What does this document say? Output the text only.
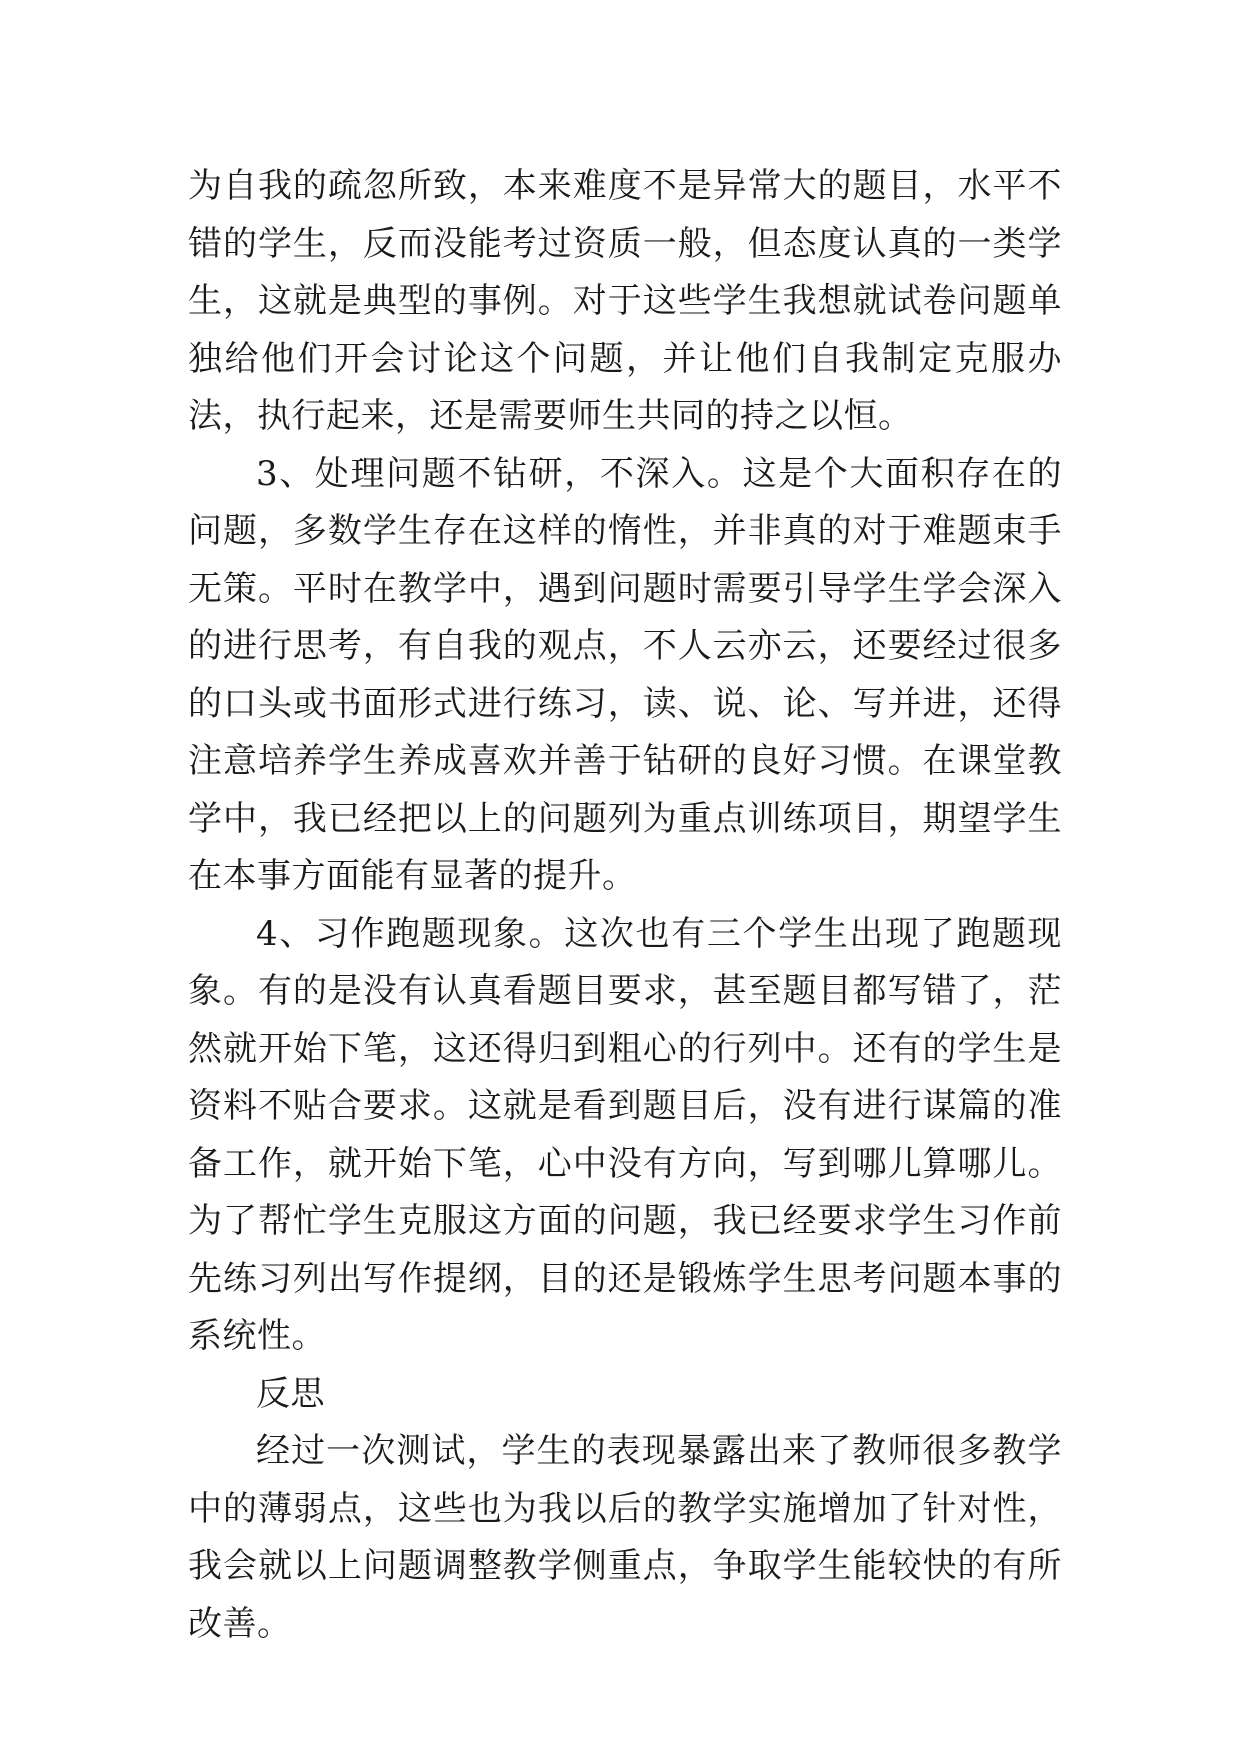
为自我的疏忽所致，本来难度不是异常大的题目，水平不错的学生，反而没能考过资质一般，但态度认真的一类学生，这就是典型的事例。对于这些学生我想就试卷问题单独给他们开会讨论这个问题，并让他们自我制定克服办法，执行起来，还是需要师生共同的持之以恒。

3、处理问题不钻研，不深入。这是个大面积存在的问题，多数学生存在这样的惰性，并非真的对于难题束手无策。平时在教学中，遇到问题时需要引导学生学会深入的进行思考，有自我的观点，不人云亦云，还要经过很多的口头或书面形式进行练习，读、说、论、写并进，还得注意培养学生养成喜欢并善于钻研的良好习惯。在课堂教学中，我已经把以上的问题列为重点训练项目，期望学生在本事方面能有显著的提升。

4、习作跑题现象。这次也有三个学生出现了跑题现象。有的是没有认真看题目要求，甚至题目都写错了，茫然就开始下笔，这还得归到粗心的行列中。还有的学生是资料不贴合要求。这就是看到题目后，没有进行谋篇的准备工作，就开始下笔，心中没有方向，写到哪儿算哪儿。为了帮忙学生克服这方面的问题，我已经要求学生习作前先练习列出写作提纲，目的还是锻炼学生思考问题本事的系统性。

反思

经过一次测试，学生的表现暴露出来了教师很多教学中的薄弱点，这些也为我以后的教学实施增加了针对性，我会就以上问题调整教学侧重点，争取学生能较快的有所改善。
